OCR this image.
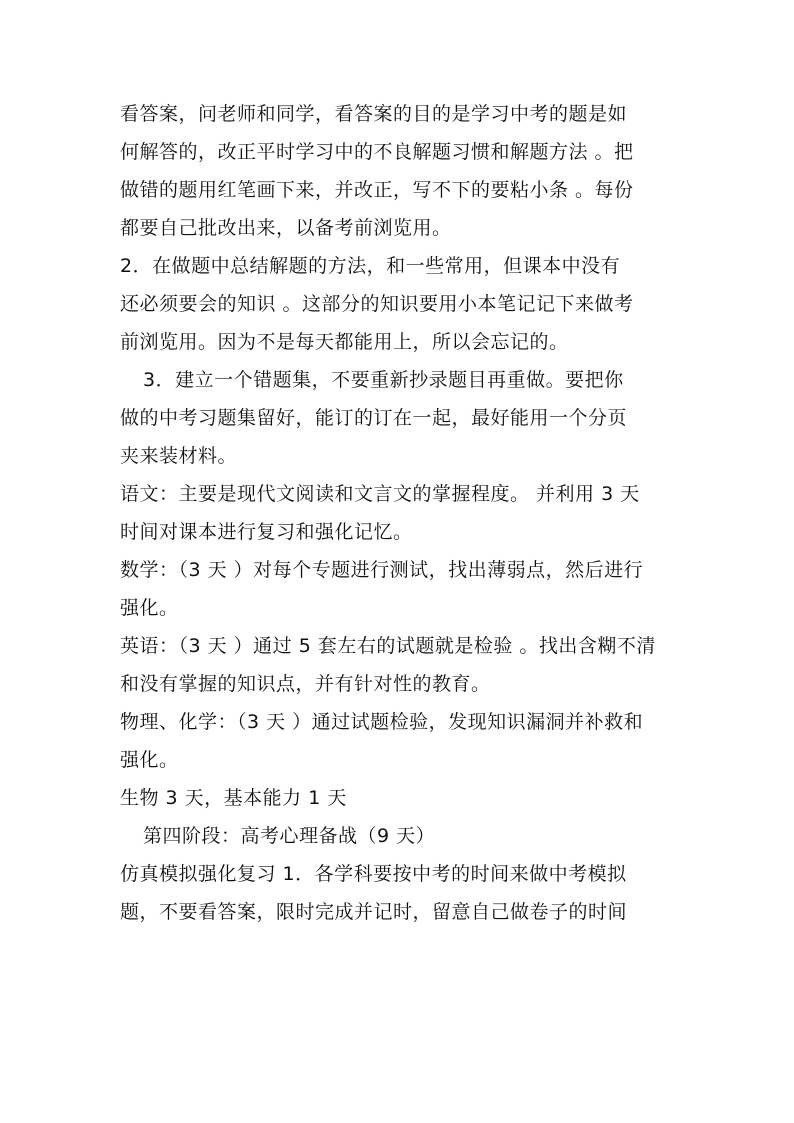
看答案，问老师和同学，看答案的目的是学习中考的题是如
何解答的，改正平时学习中的不良解题习惯和解题方法 。把
做错的题用红笔画下来，并改正，写不下的要粘小条 。每份
都要自己批改出来，以备考前浏览用。
2．在做题中总结解题的方法，和一些常用，但课本中没有
还必须要会的知识 。这部分的知识要用小本笔记记下来做考
前浏览用。因为不是每天都能用上，所以会忘记的。
3．建立一个错题集，不要重新抄录题目再重做。要把你
做的中考习题集留好，能订的订在一起，最好能用一个分页
夹来装材料。
语文：主要是现代文阅读和文言文的掌握程度。 并利用 3 天
时间对课本进行复习和强化记忆。
数学：（3 天 ）对每个专题进行测试，找出薄弱点，然后进行
强化。
英语：（3 天 ）通过 5 套左右的试题就是检验 。找出含糊不清
和没有掌握的知识点，并有针对性的教育。
物理、化学：（3 天 ）通过试题检验，发现知识漏洞并补救和
强化。
生物 3 天，基本能力 1 天
第四阶段：高考心理备战（9 天）
仿真模拟强化复习 1．各学科要按中考的时间来做中考模拟
题，不要看答案，限时完成并记时，留意自己做卷子的时间
